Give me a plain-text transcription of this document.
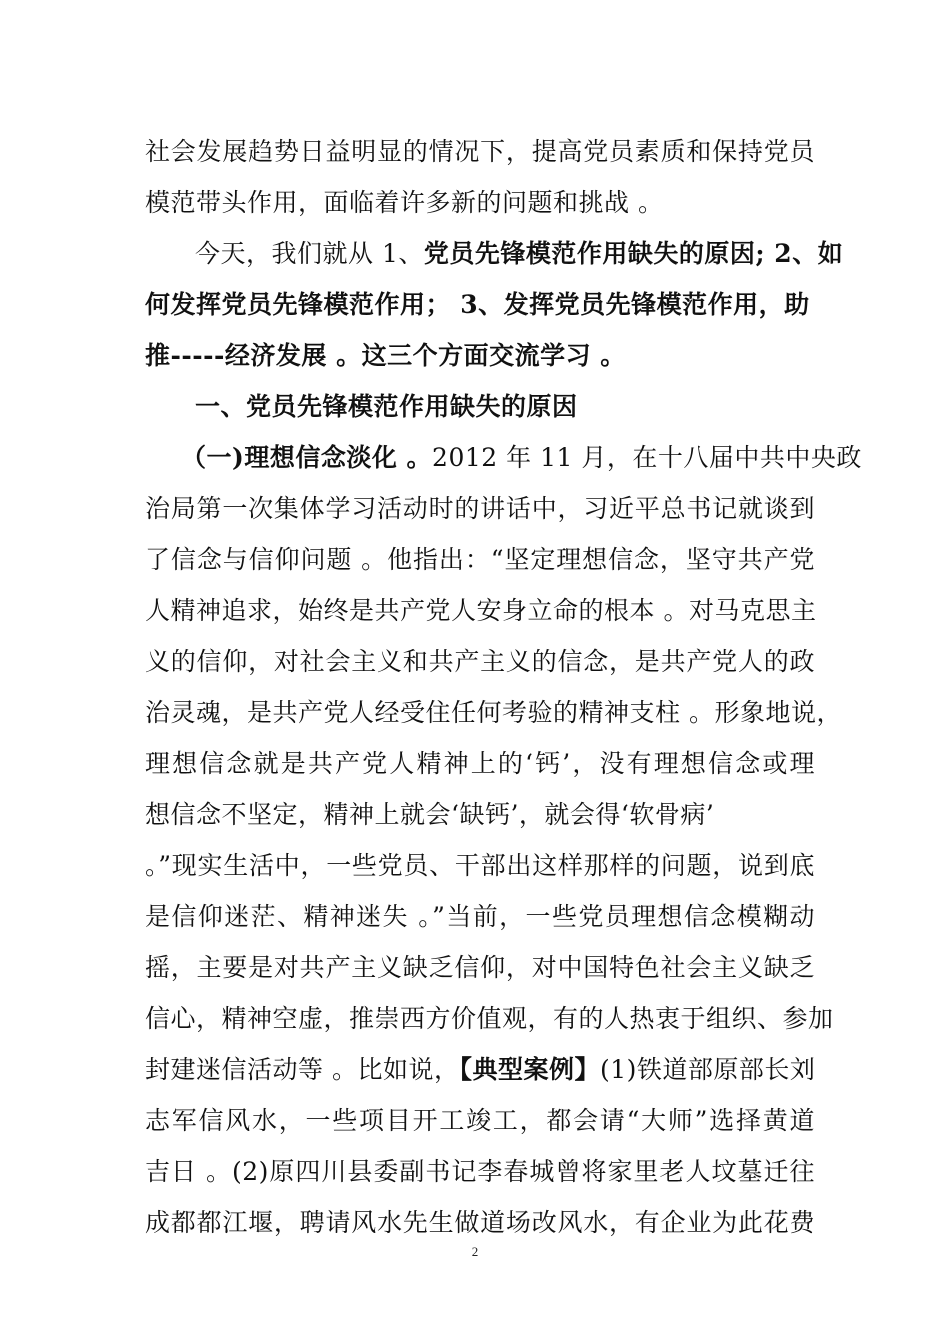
社会发展趋势日益明显的情况下，提高党员素质和保持党员
模范带头作用，面临着许多新的问题和挑战 。
今天，我们就从 1、党员先锋模范作用缺失的原因; 2、如
何发挥党员先锋模范作用； 3、发挥党员先锋模范作用，助
推-----经济发展 。这三个方面交流学习 。
一、党员先锋模范作用缺失的原因
（一)理想信念淡化 。2012 年 11 月，在十八届中共中央政
治局第一次集体学习活动时的讲话中，习近平总书记就谈到
了信念与信仰问题 。他指出：“坚定理想信念，坚守共产党
人精神追求，始终是共产党人安身立命的根本 。对马克思主
义的信仰，对社会主义和共产主义的信念，是共产党人的政
治灵魂，是共产党人经受住任何考验的精神支柱 。形象地说，
理想信念就是共产党人精神上的‘钙’，没有理想信念或理
想信念不坚定，精神上就会‘缺钙’，就会得‘软骨病’
。”现实生活中，一些党员、干部出这样那样的问题，说到底
是信仰迷茫、精神迷失 。”当前，一些党员理想信念模糊动
摇，主要是对共产主义缺乏信仰，对中国特色社会主义缺乏
信心，精神空虚，推崇西方价值观，有的人热衷于组织、参加
封建迷信活动等 。比如说，【典型案例】(1)铁道部原部长刘
志军信风水，一些项目开工竣工，都会请“大师”选择黄道
吉日 。(2)原四川县委副书记李春城曾将家里老人坟墓迁往
成都都江堰，聘请风水先生做道场改风水，有企业为此花费
2
